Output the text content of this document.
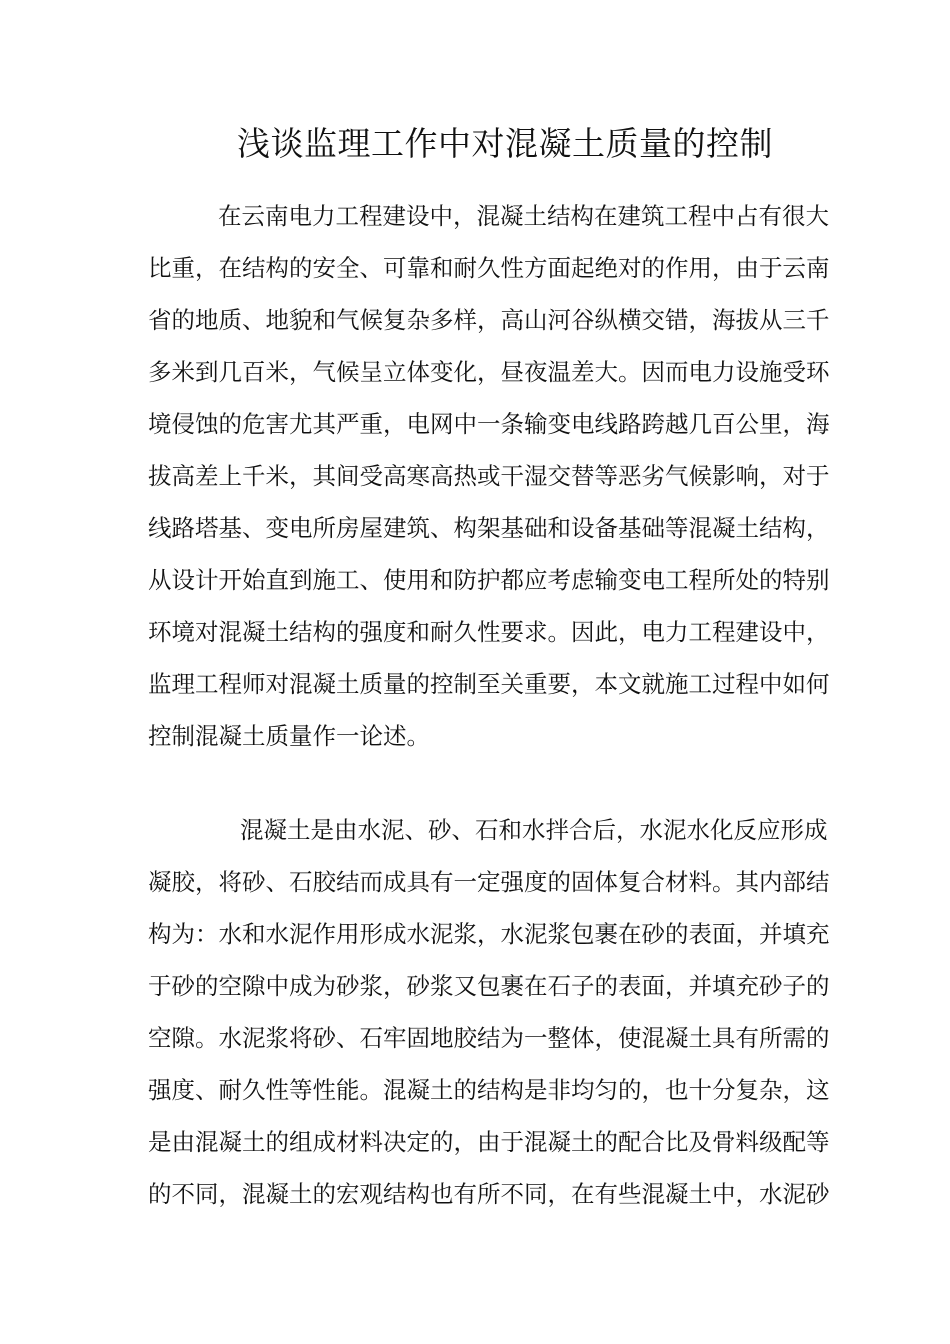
浅谈监理工作中对混凝土质量的控制
在云南电力工程建设中，混凝土结构在建筑工程中占有很大
比重，在结构的安全、可靠和耐久性方面起绝对的作用，由于云南
省的地质、地貌和气候复杂多样，高山河谷纵横交错，海拔从三千
多米到几百米，气候呈立体变化，昼夜温差大。因而电力设施受环
境侵蚀的危害尤其严重，电网中一条输变电线路跨越几百公里，海
拔高差上千米，其间受高寒高热或干湿交替等恶劣气候影响，对于
线路塔基、变电所房屋建筑、构架基础和设备基础等混凝土结构，
从设计开始直到施工、使用和防护都应考虑输变电工程所处的特别
环境对混凝土结构的强度和耐久性要求。因此，电力工程建设中，
监理工程师对混凝土质量的控制至关重要，本文就施工过程中如何
控制混凝土质量作一论述。
混凝土是由水泥、砂、石和水拌合后，水泥水化反应形成
凝胶，将砂、石胶结而成具有一定强度的固体复合材料。其内部结
构为：水和水泥作用形成水泥浆，水泥浆包裹在砂的表面，并填充
于砂的空隙中成为砂浆，砂浆又包裹在石子的表面，并填充砂子的
空隙。水泥浆将砂、石牢固地胶结为一整体，使混凝土具有所需的
强度、耐久性等性能。混凝土的结构是非均匀的，也十分复杂，这
是由混凝土的组成材料决定的，由于混凝土的配合比及骨料级配等
的不同，混凝土的宏观结构也有所不同，在有些混凝土中，水泥砂
